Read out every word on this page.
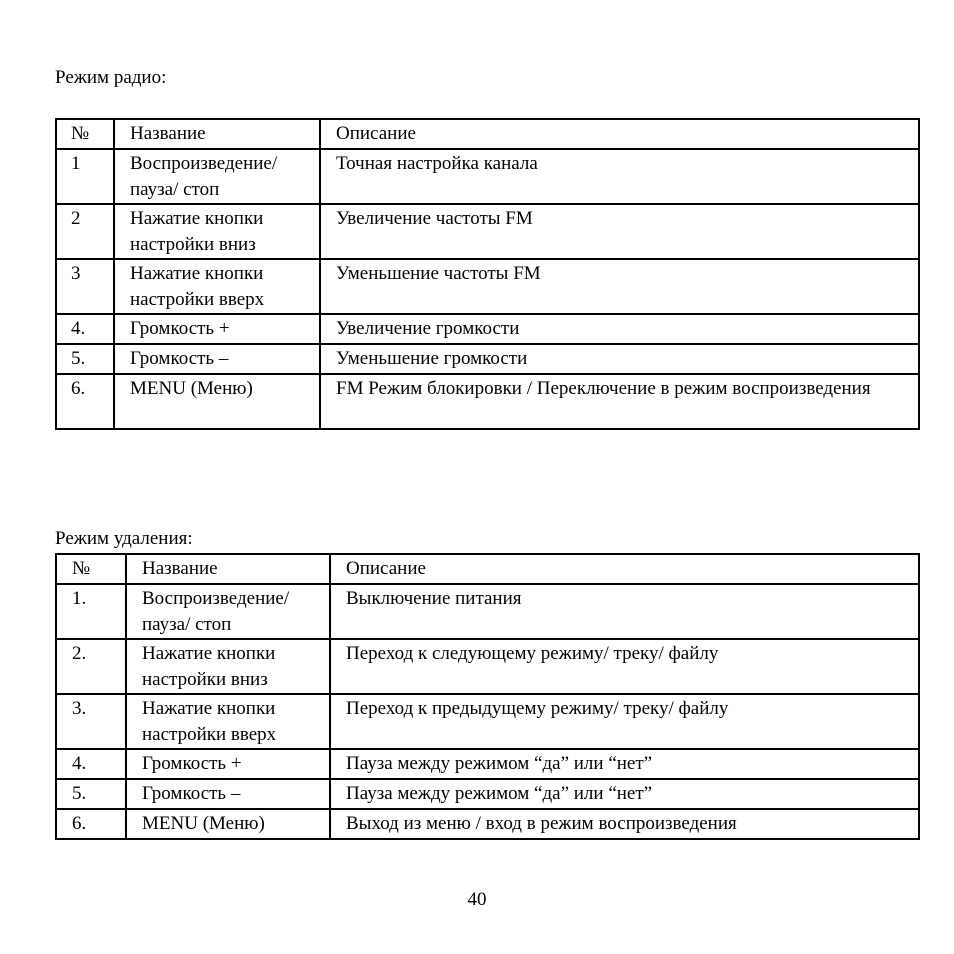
Режим радио:
№	Название	Описание
1	Воспроизведение/ пауза/ стоп	Точная настройка канала
2	Нажатие кнопки настройки вниз	Увеличение частоты FM
3	Нажатие кнопки настройки вверх	Уменьшение частоты FM
4.	Громкость +	Увеличение громкости
5.	Громкость –	Уменьшение громкости
6.	MENU (Меню)	FM Режим блокировки / Переключение в режим воспроизведения
Режим удаления:
№	Название	Описание
1.	Воспроизведение/ пауза/ стоп	Выключение питания
2.	Нажатие кнопки настройки вниз	Переход к следующему режиму/ треку/ файлу
3.	Нажатие кнопки настройки вверх	Переход к предыдущему режиму/ треку/ файлу
4.	Громкость +	Пауза между режимом “да” или “нет”
5.	Громкость –	Пауза между режимом “да” или “нет”
6.	MENU (Меню)	Выход из меню / вход в режим воспроизведения
40
